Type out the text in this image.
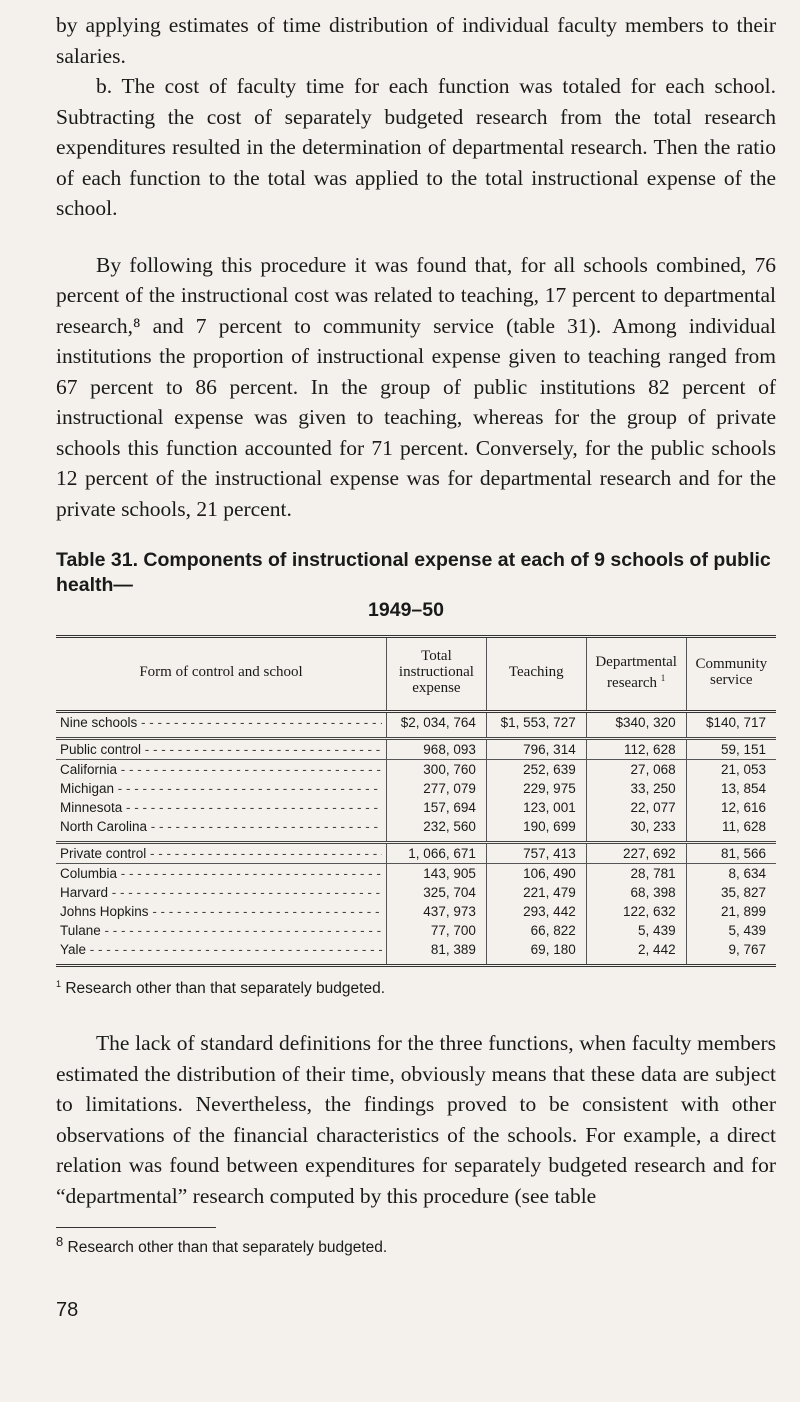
by applying estimates of time distribution of individual faculty members to their salaries.

b. The cost of faculty time for each function was totaled for each school. Subtracting the cost of separately budgeted research from the total research expenditures resulted in the determination of departmental research. Then the ratio of each function to the total was applied to the total instructional expense of the school.

By following this procedure it was found that, for all schools combined, 76 percent of the instructional cost was related to teaching, 17 percent to departmental research,⁸ and 7 percent to community service (table 31). Among individual institutions the proportion of instructional expense given to teaching ranged from 67 percent to 86 percent. In the group of public institutions 82 percent of instructional expense was given to teaching, whereas for the group of private schools this function accounted for 71 percent. Conversely, for the public schools 12 percent of the instructional expense was for departmental research and for the private schools, 21 percent.

Table 31. Components of instructional expense at each of 9 schools of public health—
1949–50
Form of control and school	Total instructional expense	Teaching	Departmental research $^1$	Community service

Nine schools - - -	$2, 034, 764	$1, 553, 727	$340, 320	$140, 717

Public control - - -	968, 093	796, 314	112, 628	59, 151

California - - -	300, 760	252, 639	27, 068	21, 053

Michigan - - -	277, 079	229, 975	33, 250	13, 854

Minnesota - - -	157, 694	123, 001	22, 077	12, 616

North Carolina - - -	232, 560	190, 699	30, 233	11, 628

Private control - - -	1, 066, 671	757, 413	227, 692	81, 566

Columbia - - -	143, 905	106, 490	28, 781	8, 634

Harvard - - -	325, 704	221, 479	68, 398	35, 827

Johns Hopkins - - -	437, 973	293, 442	122, 632	21, 899

Tulane - - -	77, 700	66, 822	5, 439	5, 439

Yale - - -	81, 389	69, 180	2, 442	9, 767
$^1$ Research other than that separately budgeted.

The lack of standard definitions for the three functions, when faculty members estimated the distribution of their time, obviously means that these data are subject to limitations. Nevertheless, the findings proved to be consistent with other observations of the financial characteristics of the schools. For example, a direct relation was found between expenditures for separately budgeted research and for “departmental” research computed by this procedure (see table

$^8$ Research other than that separately budgeted.
78
